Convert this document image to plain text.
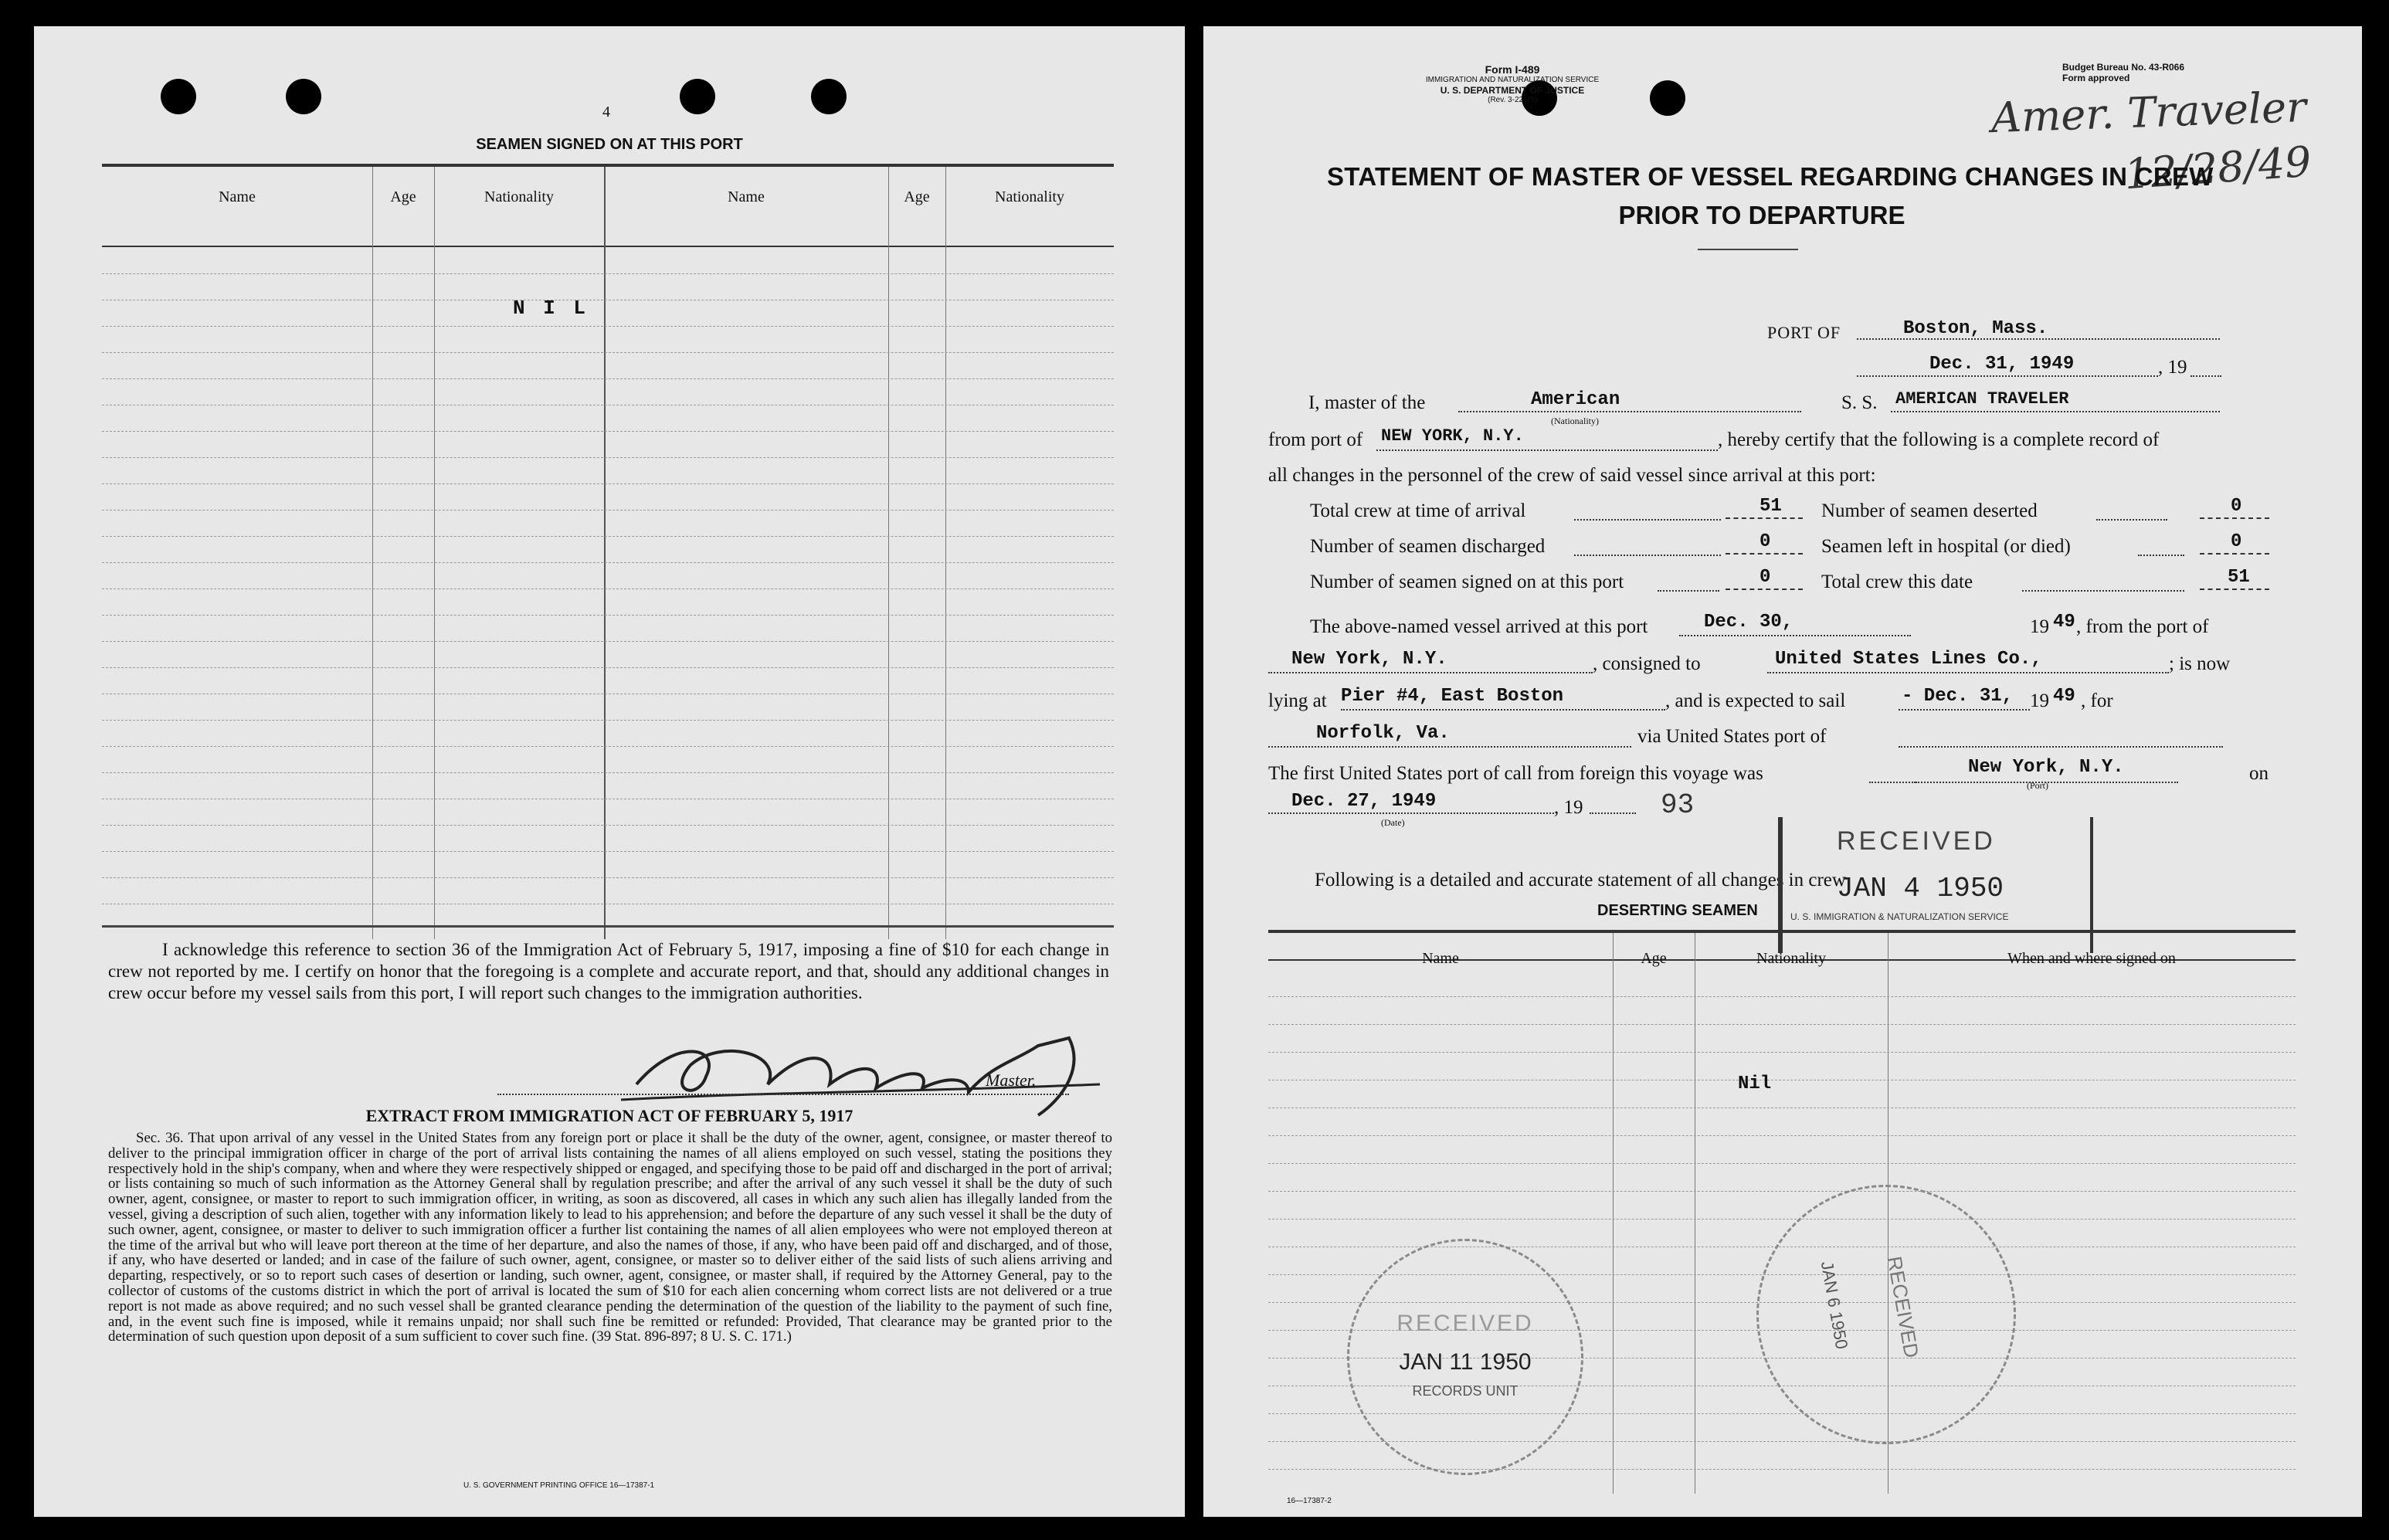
4
SEAMEN SIGNED ON AT THIS PORT
Name	Age	Nationality	Name	Age	Nationality
N I L
I acknowledge this reference to section 36 of the Immigration Act of February 5, 1917, imposing a fine of $10 for each change in crew not reported by me. I certify on honor that the foregoing is a complete and accurate report, and that, should any additional changes in crew occur before my vessel sails from this port, I will report such changes to the immigration authorities.
Master.
EXTRACT FROM IMMIGRATION ACT OF FEBRUARY 5, 1917
Sec. 36. That upon arrival of any vessel in the United States from any foreign port or place it shall be the duty of the owner, agent, consignee, or master thereof to deliver to the principal immigration officer in charge of the port of arrival lists containing the names of all aliens employed on such vessel, stating the positions they respectively hold in the ship's company, when and where they were respectively shipped or engaged, and specifying those to be paid off and discharged in the port of arrival; or lists containing so much of such information as the Attorney General shall by regulation prescribe; and after the arrival of any such vessel it shall be the duty of such owner, agent, consignee, or master to report to such immigration officer, in writing, as soon as discovered, all cases in which any such alien has illegally landed from the vessel, giving a description of such alien, together with any information likely to lead to his apprehension; and before the departure of any such vessel it shall be the duty of such owner, agent, consignee, or master to deliver to such immigration officer a further list containing the names of all alien employees who were not employed thereon at the time of the arrival but who will leave port thereon at the time of her departure, and also the names of those, if any, who have been paid off and discharged, and of those, if any, who have deserted or landed; and in case of the failure of such owner, agent, consignee, or master so to deliver either of the said lists of such aliens arriving and departing, respectively, or so to report such cases of desertion or landing, such owner, agent, consignee, or master shall, if required by the Attorney General, pay to the collector of customs of the customs district in which the port of arrival is located the sum of $10 for each alien concerning whom correct lists are not delivered or a true report is not made as above required; and no such vessel shall be granted clearance pending the determination of the question of the liability to the payment of such fine, and, in the event such fine is imposed, while it remains unpaid; nor shall such fine be remitted or refunded: Provided, That clearance may be granted prior to the determination of such question upon deposit of a sum sufficient to cover such fine. (39 Stat. 896-897; 8 U. S. C. 171.)
U. S. GOVERNMENT PRINTING OFFICE 16—17387-1
Form I-489
IMMIGRATION AND NATURALIZATION SERVICE
U. S. DEPARTMENT OF JUSTICE
(Rev. 3-22-45)
Budget Bureau No. 43-R066
Form approved
Amer. Traveler
12/28/49
STATEMENT OF MASTER OF VESSEL REGARDING CHANGES IN CREW
PRIOR TO DEPARTURE
PORT OF	Boston, Mass.
Dec. 31, 1949	, 19
I, master of the	American	S. S. AMERICAN TRAVELER
from port of NEW YORK, N.Y.
(Nationality)
, hereby certify that the following is a complete record of
all changes in the personnel of the crew of said vessel since arrival at this port:
Total crew at time of arrival	51 Number of seamen deserted	0
Number of seamen discharged	0	Seamen left in hospital (or died)	0
Number of seamen signed on at this port	0	Total crew this date	51
The above-named vessel arrived at this port	Dec. 30,	19 49 , from the port of
New York, N.Y.	, consigned to	United States Lines Co.,	; is now
lying at Pier #4, East Boston	, and is expected to sail	- Dec. 31, 19 49 , for
Norfolk, Va.	via United States port of
The first United States port of call from foreign this voyage was	New York, N.Y.
(Port)
on
Dec. 27, 1949
(Date)
, 19	93
Following is a detailed and accurate statement of all changes in crew
DESERTING SEAMEN
Name	Age	Nationality	When and where signed on
Nil
16—17387-2
RECEIVED
JAN 4 1950
U. S. IMMIGRATION & NATURALIZATION SERVICE
RECEIVED
JAN 11 1950
RECORDS UNIT
RECEIVED
JAN 6 1950
